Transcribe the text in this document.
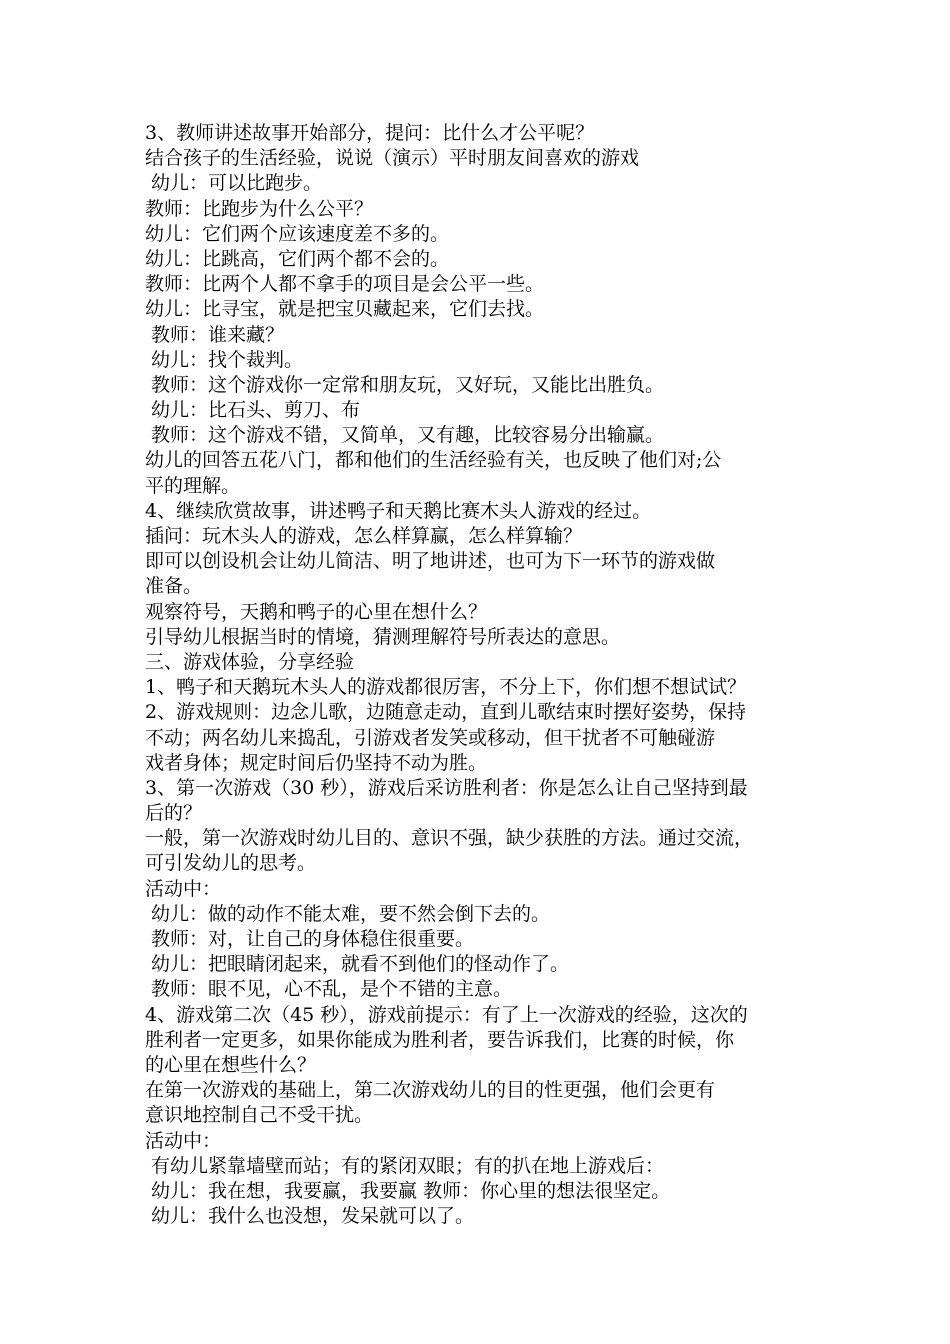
3、教师讲述故事开始部分，提问：比什么才公平呢？
结合孩子的生活经验，说说（演示）平时朋友间喜欢的游戏
幼儿：可以比跑步。
教师：比跑步为什么公平？
幼儿：它们两个应该速度差不多的。
幼儿：比跳高，它们两个都不会的。
教师：比两个人都不拿手的项目是会公平一些。
幼儿：比寻宝，就是把宝贝藏起来，它们去找。
教师：谁来藏？
幼儿：找个裁判。
教师：这个游戏你一定常和朋友玩，又好玩，又能比出胜负。
幼儿：比石头、剪刀、布
教师：这个游戏不错，又简单，又有趣，比较容易分出输赢。
幼儿的回答五花八门，都和他们的生活经验有关，也反映了他们对;公
平的理解。
4、继续欣赏故事，讲述鸭子和天鹅比赛木头人游戏的经过。
插问：玩木头人的游戏，怎么样算赢，怎么样算输？
即可以创设机会让幼儿简洁、明了地讲述，也可为下一环节的游戏做
准备。
观察符号，天鹅和鸭子的心里在想什么？
引导幼儿根据当时的情境，猜测理解符号所表达的意思。
三、游戏体验，分享经验
1、鸭子和天鹅玩木头人的游戏都很厉害，不分上下，你们想不想试试？
2、游戏规则：边念儿歌，边随意走动，直到儿歌结束时摆好姿势，保持
不动；两名幼儿来捣乱，引游戏者发笑或移动，但干扰者不可触碰游
戏者身体；规定时间后仍坚持不动为胜。
3、第一次游戏（30 秒），游戏后采访胜利者：你是怎么让自己坚持到最
后的？
一般，第一次游戏时幼儿目的、意识不强，缺少获胜的方法。通过交流，
可引发幼儿的思考。
活动中：
幼儿：做的动作不能太难，要不然会倒下去的。
教师：对，让自己的身体稳住很重要。
幼儿：把眼睛闭起来，就看不到他们的怪动作了。
教师：眼不见，心不乱，是个不错的主意。
4、游戏第二次（45 秒），游戏前提示：有了上一次游戏的经验，这次的
胜利者一定更多，如果你能成为胜利者，要告诉我们，比赛的时候，你
的心里在想些什么？
在第一次游戏的基础上，第二次游戏幼儿的目的性更强，他们会更有
意识地控制自己不受干扰。
活动中：
有幼儿紧靠墙壁而站；有的紧闭双眼；有的扒在地上游戏后：
幼儿：我在想，我要赢，我要赢 教师：你心里的想法很坚定。
幼儿：我什么也没想，发呆就可以了。
